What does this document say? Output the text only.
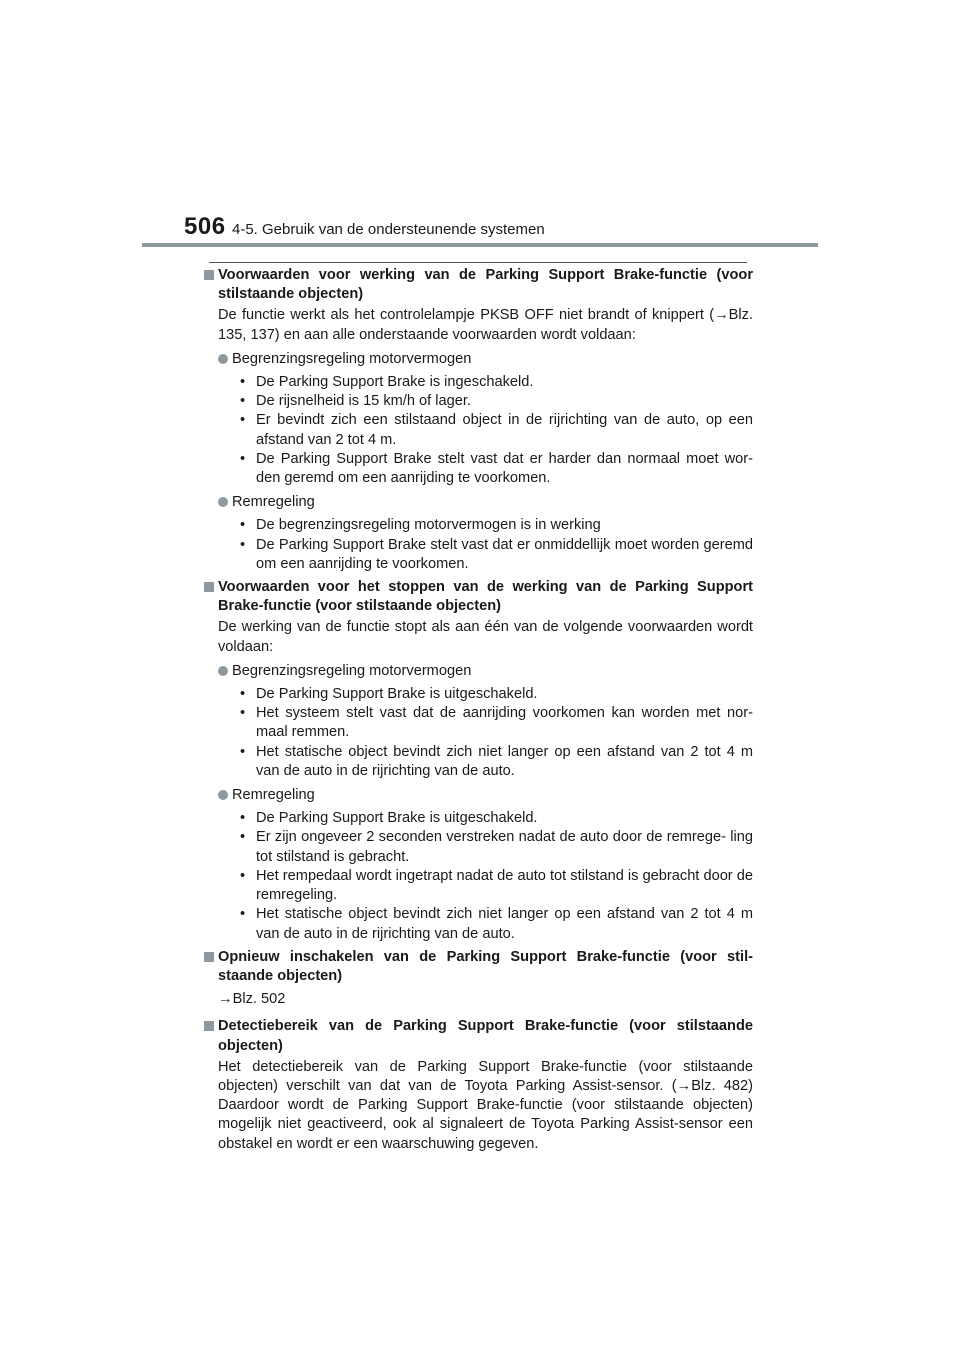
506 4-5. Gebruik van de ondersteunende systemen
Voorwaarden voor werking van de Parking Support Brake-functie (voor stilstaande objecten)
De functie werkt als het controlelampje PKSB OFF niet brandt of knippert (→Blz. 135, 137) en aan alle onderstaande voorwaarden wordt voldaan:
Begrenzingsregeling motorvermogen
• De Parking Support Brake is ingeschakeld.
• De rijsnelheid is 15 km/h of lager.
• Er bevindt zich een stilstaand object in de rijrichting van de auto, op een afstand van 2 tot 4 m.
• De Parking Support Brake stelt vast dat er harder dan normaal moet wor- den geremd om een aanrijding te voorkomen.
Remregeling
• De begrenzingsregeling motorvermogen is in werking
• De Parking Support Brake stelt vast dat er onmiddellijk moet worden geremd om een aanrijding te voorkomen.
Voorwaarden voor het stoppen van de werking van de Parking Support Brake-functie (voor stilstaande objecten)
De werking van de functie stopt als aan één van de volgende voorwaarden wordt voldaan:
Begrenzingsregeling motorvermogen
• De Parking Support Brake is uitgeschakeld.
• Het systeem stelt vast dat de aanrijding voorkomen kan worden met nor- maal remmen.
• Het statische object bevindt zich niet langer op een afstand van 2 tot 4 m van de auto in de rijrichting van de auto.
Remregeling
• De Parking Support Brake is uitgeschakeld.
• Er zijn ongeveer 2 seconden verstreken nadat de auto door de remrege- ling tot stilstand is gebracht.
• Het rempedaal wordt ingetrapt nadat de auto tot stilstand is gebracht door de remregeling.
• Het statische object bevindt zich niet langer op een afstand van 2 tot 4 m van de auto in de rijrichting van de auto.
Opnieuw inschakelen van de Parking Support Brake-functie (voor stil- staande objecten)
→Blz. 502
Detectiebereik van de Parking Support Brake-functie (voor stilstaande objecten)
Het detectiebereik van de Parking Support Brake-functie (voor stilstaande objecten) verschilt van dat van de Toyota Parking Assist-sensor. (→Blz. 482) Daardoor wordt de Parking Support Brake-functie (voor stilstaande objecten) mogelijk niet geactiveerd, ook al signaleert de Toyota Parking Assist-sensor een obstakel en wordt er een waarschuwing gegeven.
